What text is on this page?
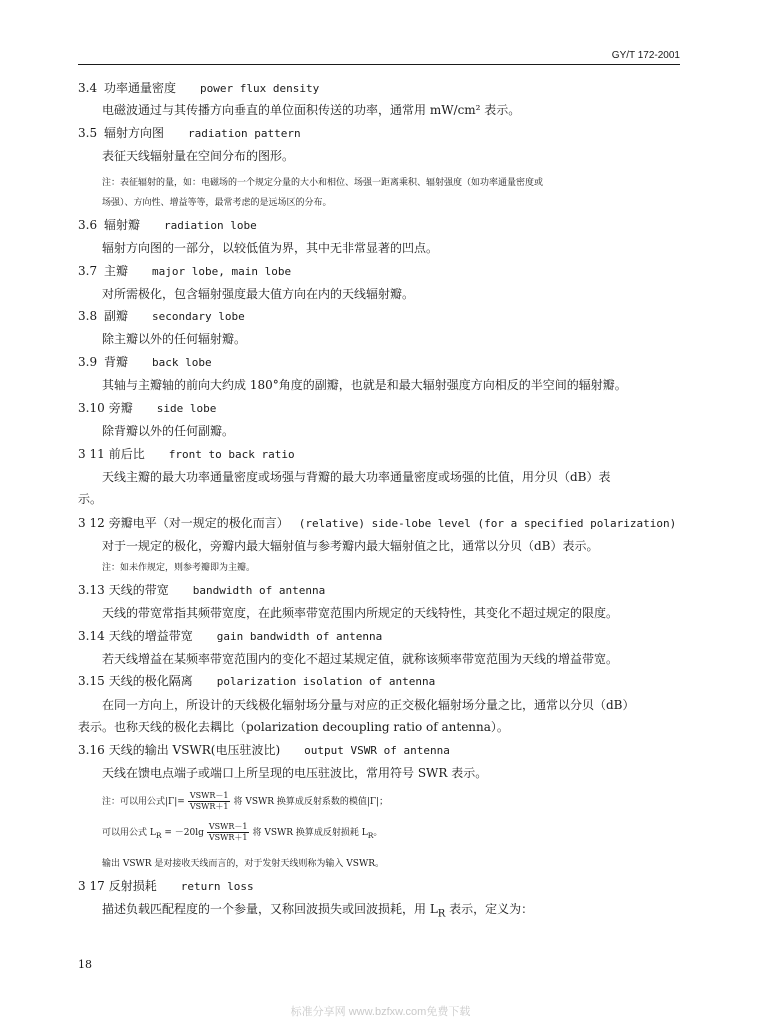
GY/T 172-2001
3.4 功率通量密度 power flux density
电磁波通过与其传播方向垂直的单位面积传送的功率，通常用 mW/cm² 表示。
3.5 辐射方向图 radiation pattern
表征天线辐射量在空间分布的图形。
注：表征辐射的量，如：电磁场的一个规定分量的大小和相位、场强一距离乘积、辐射强度（如功率通量密度或
场强）、方向性、增益等等，最常考虑的是远场区的分布。
3.6 辐射瓣 radiation lobe
辐射方向图的一部分，以较低值为界，其中无非常显著的凹点。
3.7 主瓣 major lobe, main lobe
对所需极化，包含辐射强度最大值方向在内的天线辐射瓣。
3.8 副瓣 secondary lobe
除主瓣以外的任何辐射瓣。
3.9 背瓣 back lobe
其轴与主瓣轴的前向大约成 180°角度的副瓣，也就是和最大辐射强度方向相反的半空间的辐射瓣。
3.10 旁瓣 side lobe
除背瓣以外的任何副瓣。
3 11 前后比 front to back ratio
天线主瓣的最大功率通量密度或场强与背瓣的最大功率通量密度或场强的比值，用分贝（dB）表
示。
3 12 旁瓣电平（对一规定的极化而言） (relative) side-lobe level (for a specified polarization)
对于一规定的极化，旁瓣内最大辐射值与参考瓣内最大辐射值之比，通常以分贝（dB）表示。
注：如未作规定，则参考瓣即为主瓣。
3.13 天线的带宽 bandwidth of antenna
天线的带宽常指其频带宽度，在此频率带宽范围内所规定的天线特性，其变化不超过规定的限度。
3.14 天线的增益带宽 gain bandwidth of antenna
若天线增益在某频率带宽范围内的变化不超过某规定值，就称该频率带宽范围为天线的增益带宽。
3.15 天线的极化隔离 polarization isolation of antenna
在同一方向上，所设计的天线极化辐射场分量与对应的正交极化辐射场分量之比，通常以分贝（dB）
表示。也称天线的极化去耦比（polarization decoupling ratio of antenna）。
3.16 天线的输出 VSWR(电压驻波比) output VSWR of antenna
天线在馈电点端子或端口上所呈现的电压驻波比，常用符号 SWR 表示。
注：可以用公式$|\Gamma|= \frac{\text{VSWR－1}}{\text{VSWR＋1}}$ 将 VSWR 换算成反射系数的模值|Γ|；
可以用公式 $L_R = -20\lg \frac{\text{VSWR－1}}{\text{VSWR＋1}}$ 将 VSWR 换算成反射损耗 $L_R$。
输出 VSWR 是对接收天线而言的，对于发射天线则称为输入 VSWR。
3 17 反射损耗 return loss
描述负载匹配程度的一个参量，又称回波损失或回波损耗，用 $L_R$ 表示，定义为：
18
标准分享网 www.bzfxw.com免费下载
